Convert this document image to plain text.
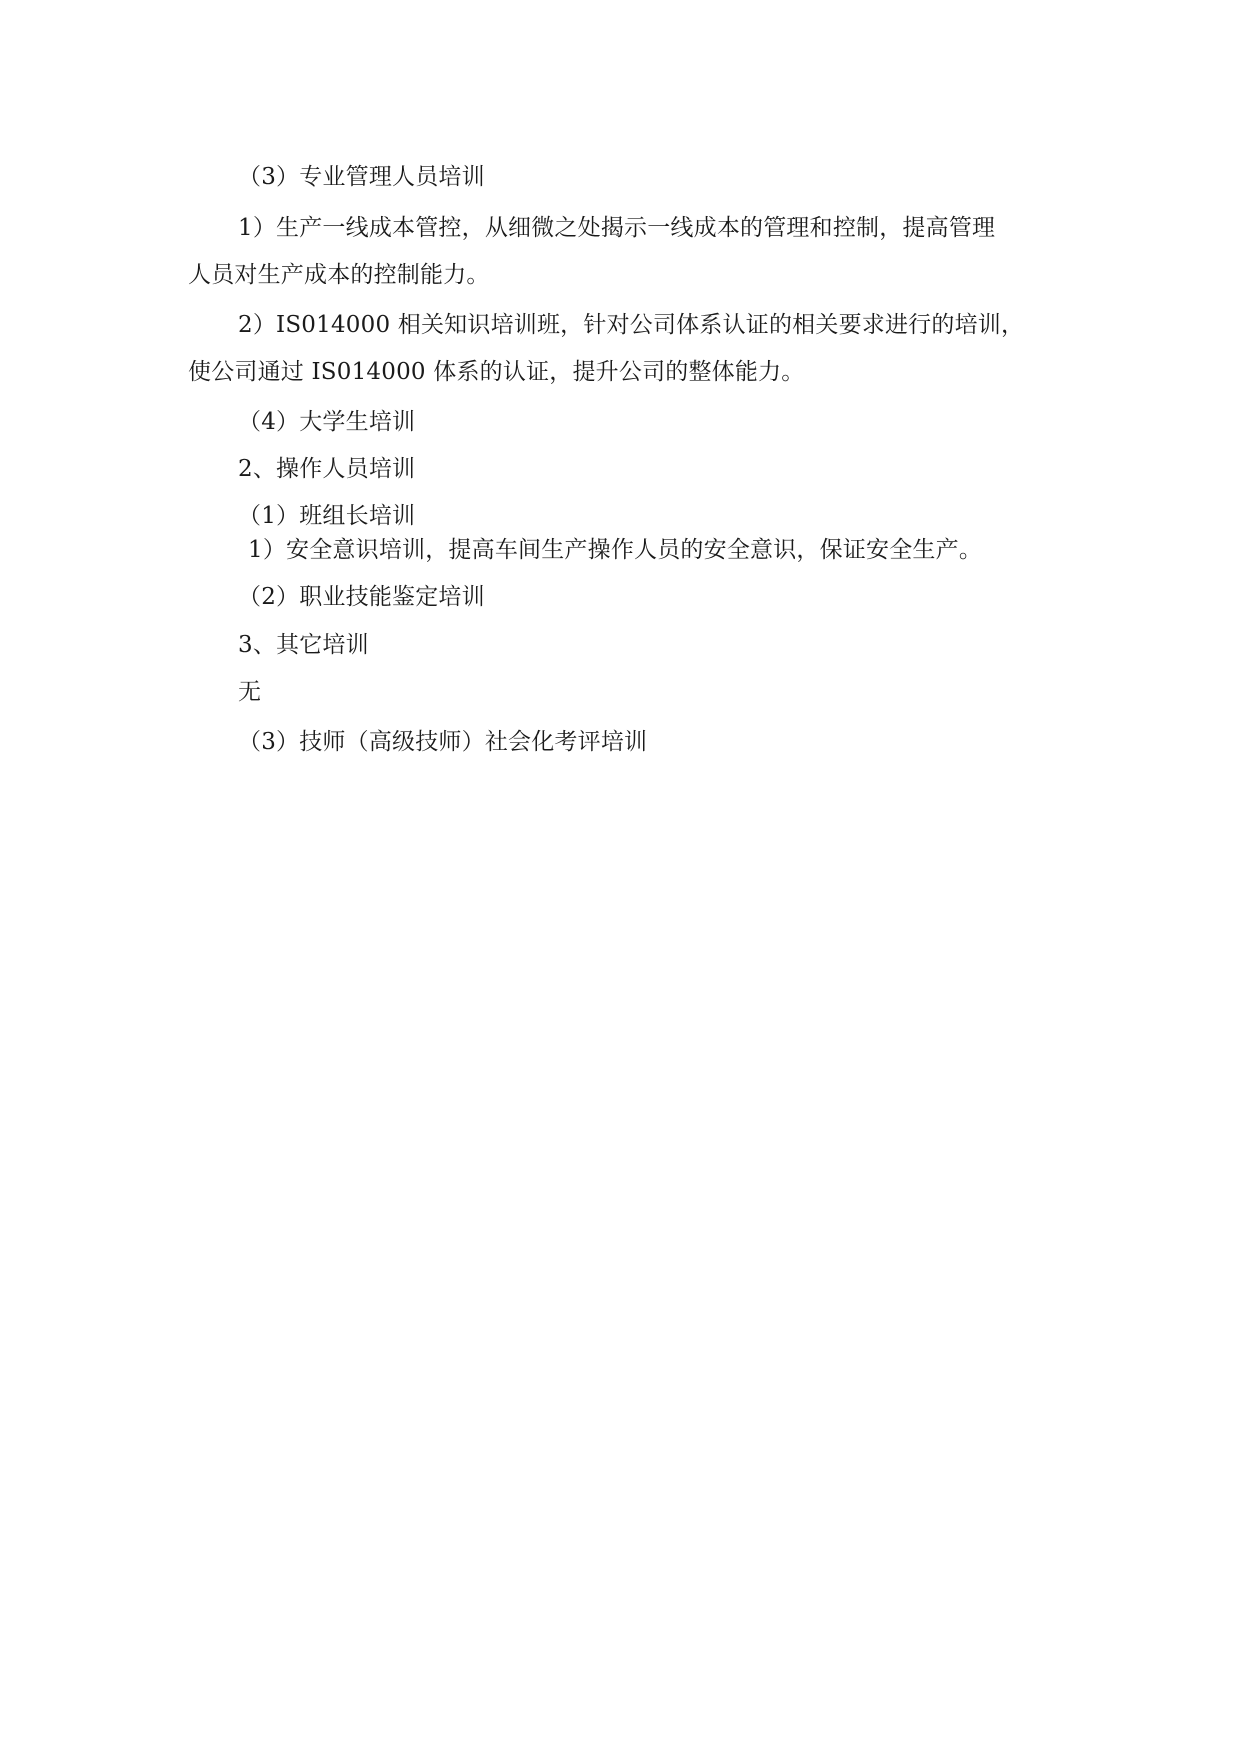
（3）专业管理人员培训
1）生产一线成本管控，从细微之处揭示一线成本的管理和控制，提高管理
人员对生产成本的控制能力。
2）IS014000 相关知识培训班，针对公司体系认证的相关要求进行的培训，
使公司通过 IS014000 体系的认证，提升公司的整体能力。
（4）大学生培训
2、操作人员培训
（1）班组长培训
1）安全意识培训，提高车间生产操作人员的安全意识，保证安全生产。
（2）职业技能鉴定培训
3、其它培训
无
（3）技师（高级技师）社会化考评培训
